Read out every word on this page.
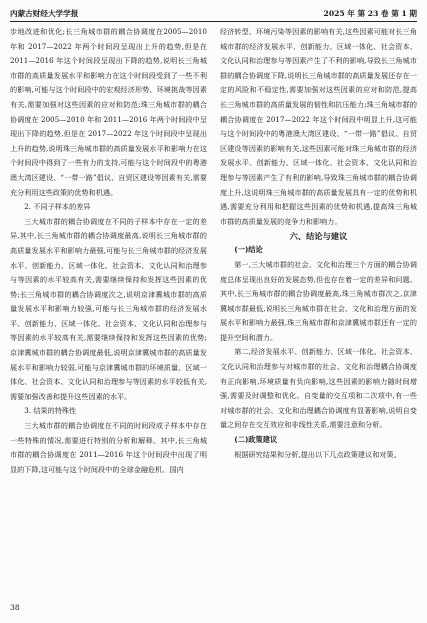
内蒙古财经大学学报	2025 年 第 23 卷 第 1 期

步地改进和优化;长三角城市群的耦合协调度在2005—2010 年和 2017—2022 年两个时间段呈现出上升的趋势,但是在 2011—2016 年这个时间段呈现出下降的趋势,说明长三角城市群的高质量发展水平和影响力在这个时间段受到了一些不利的影响,可能与这个时间段中的宏观经济形势、环境挑战等因素有关,需要加强对这些因素的应对和防范;珠三角城市群的耦合协调度在 2005—2010 年和 2011—2016 年两个时间段中呈现出下降的趋势,但是在 2017—2022 年这个时间段中呈现出上升的趋势,说明珠三角城市群的高质量发展水平和影响力在这个时间段中得到了一些有力的支持,可能与这个时间段中的粤港澳大湾区建设、“一带一路”倡议、自贸区建设等因素有关,需要充分利用这些政策的优势和机遇。

2. 不同子样本的差异

三大城市群的耦合协调度在不同的子样本中存在一定的差异,其中,长三角城市群的耦合协调度最高,说明长三角城市群的高质量发展水平和影响力最强,可能与长三角城市群的经济发展水平、创新能力、区域一体化、社会资本、文化认同和治理参与等因素的水平较高有关,需要继续保持和发挥这些因素的优势;长三角城市群的耦合协调度次之,说明京津冀城市群的高质量发展水平和影响力较强,可能与长三角城市群的经济发展水平、创新能力、区域一体化、社会资本、文化认同和治理参与等因素的水平较高有关,需要继续保持和发挥这些因素的优势;京津冀城市群的耦合协调度最低,说明京津冀城市群的高质量发展水平和影响力较弱,可能与京津冀城市群的环境质量、区域一体化、社会资本、文化认同和治理参与等因素的水平较低有关,需要加强改善和提升这些因素的水平。

3. 结果的特殊性

三大城市群的耦合协调度在不同的时间段或子样本中存在一些特殊的情况,需要进行特别的分析和解释。其中,长三角城市群的耦合协调度在 2011—2016 年这个时间段中出现了明显的下降,这可能与这个时间段中的全球金融危机、国内

经济转型、环境污染等因素的影响有关,这些因素可能对长三角城市群的经济发展水平、创新能力、区域一体化、社会资本、文化认同和治理参与等因素产生了不利的影响,导致长三角城市群的耦合协调度下降,说明长三角城市群的高质量发展还存在一定的风险和不稳定性,需要加强对这些因素的应对和防范,提高长三角城市群的高质量发展的韧性和抗压能力;珠三角城市群的耦合协调度在 2017—2022 年这个时间段中明显上升,这可能与这个时间段中的粤港澳大湾区建设、“一带一路”倡议、自贸区建设等因素的影响有关,这些因素可能对珠三角城市群的经济发展水平、创新能力、区域一体化、社会资本、文化认同和治理参与等因素产生了有利的影响,导致珠三角城市群的耦合协调度上升,这说明珠三角城市群的高质量发展具有一定的优势和机遇,需要充分利用和把握这些因素的优势和机遇,提高珠三角城市群的高质量发展的竞争力和影响力。

六、结论与建议

(一)结论

第一,三大城市群的社会、文化和治理三个方面的耦合协调度总体呈现出良好的发展态势,但也存在着一定的差异和问题。其中,长三角城市群的耦合协调度最高,珠三角城市群次之,京津冀城市群最低,说明长三角城市群在社会、文化和治理方面的发展水平和影响力最强,珠三角城市群和京津冀城市群还有一定的提升空间和潜力。

第二,经济发展水平、创新能力、区域一体化、社会资本、文化认同和治理参与对城市群的社会、文化和治理耦合协调度有正向影响,环境质量有负向影响,这些因素的影响力随时间增强,需要及时调整和优化。自变量的交互项和二次项中,有一些对城市群的社会、文化和治理耦合协调度有显著影响,说明自变量之间存在交互效应和非线性关系,需要注意和分析。

(二)政策建议

根据研究结果和分析,提出以下几点政策建议和对策。

38
